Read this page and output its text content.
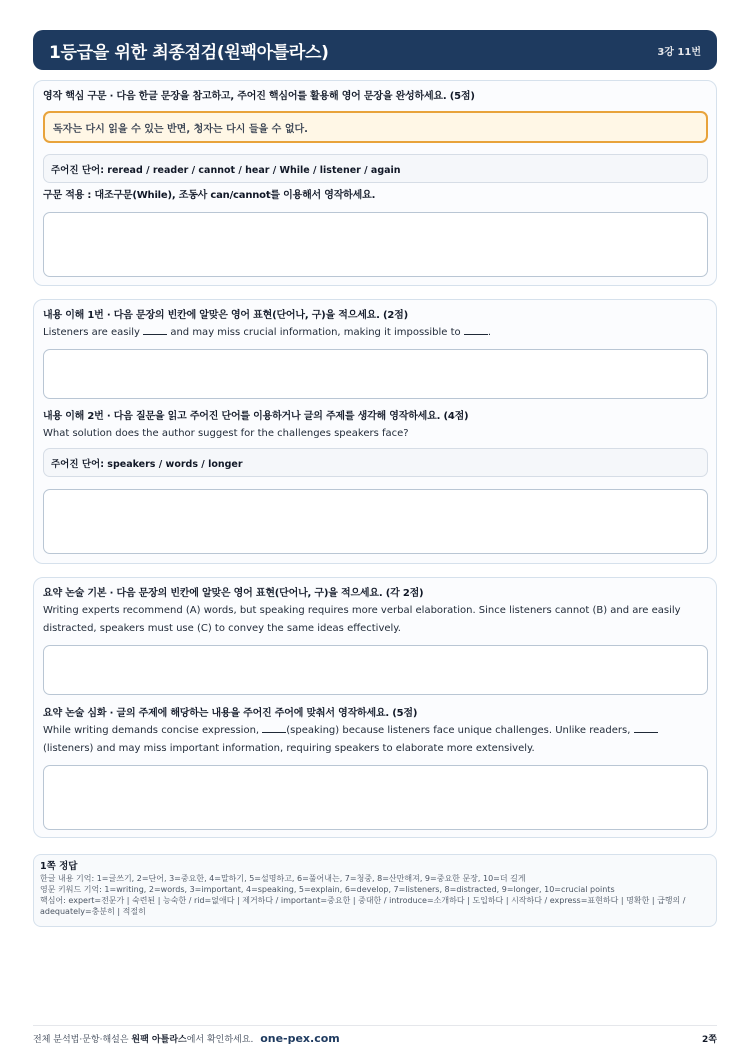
1등급을 위한 최종점검(원팩아틀라스)	3강 11번
영작 핵심 구문 · 다음 한글 문장을 참고하고, 주어진 핵심어를 활용해 영어 문장을 완성하세요. (5점)
독자는 다시 읽을 수 있는 반면, 청자는 다시 들을 수 없다.
주어진 단어: reread / reader / cannot / hear / While / listener / again
구문 적용 : 대조구문(While), 조동사 can/cannot를 이용해서 영작하세요.
내용 이해 1번 · 다음 문장의 빈칸에 알맞은 영어 표현(단어나, 구)을 적으세요. (2점)
Listeners are easily	and may miss crucial information, making it impossible to	.
내용 이해 2번 · 다음 질문을 읽고 주어진 단어를 이용하거나 글의 주제를 생각해 영작하세요. (4점)
What solution does the author suggest for the challenges speakers face?
주어진 단어: speakers / words / longer
요약 논술 기본 · 다음 문장의 빈칸에 알맞은 영어 표현(단어나, 구)을 적으세요. (각 2점)
Writing experts recommend (A) words, but speaking requires more verbal elaboration. Since listeners cannot (B) and are easily distracted, speakers must use (C) to convey the same ideas effectively.
요약 논술 심화 · 글의 주제에 해당하는 내용을 주어진 주어에 맞춰서 영작하세요. (5점)
While writing demands concise expression,	(speaking) because listeners face unique challenges. Unlike readers, (listeners) and may miss important information, requiring speakers to elaborate more extensively.
1쪽 정답
한글 내용 기억: 1=글쓰기, 2=단어, 3=중요한, 4=말하기, 5=설명하고, 6=풀어내는, 7=청중, 8=산만해져, 9=중요한 문장, 10=더 길게
영문 키워드 기억: 1=writing, 2=words, 3=important, 4=speaking, 5=explain, 6=develop, 7=listeners, 8=distracted, 9=longer, 10=crucial points
핵심어: expert=전문가 | 숙련된 | 능숙한 / rid=없애다 | 제거하다 / important=중요한 | 중대한 / introduce=소개하다 | 도입하다 | 시작하다 / express=표현하다 | 명확한 | 급행의 /
adequately=충분히 | 적절히
전체 분석법·문항·해설은 원팩 아틀라스에서 확인하세요. one-pex.com	2쪽
